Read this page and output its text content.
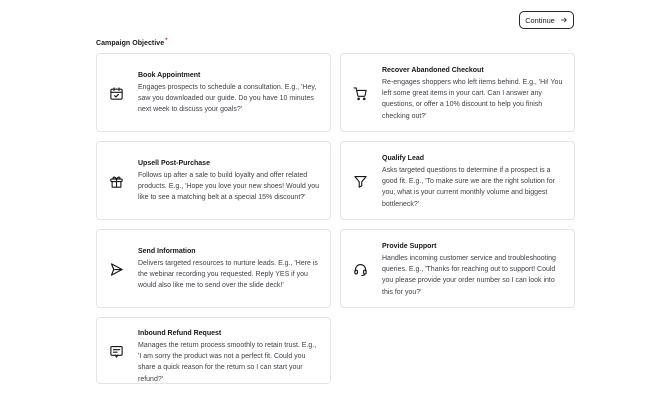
Continue
Campaign Objective*
Book Appointment
Engages prospects to schedule a consultation. E.g., 'Hey, saw you downloaded our guide. Do you have 10 minutes next week to discuss your goals?'
Recover Abandoned Checkout
Re-engages shoppers who left items behind. E.g., 'Hi! You left some great items in your cart. Can I answer any questions, or offer a 10% discount to help you finish checking out?'
Upsell Post-Purchase
Follows up after a sale to build loyalty and offer related products. E.g., 'Hope you love your new shoes! Would you like to see a matching belt at a special 15% discount?'
Qualify Lead
Asks targeted questions to determine if a prospect is a good fit. E.g., 'To make sure we are the right solution for you, what is your current monthly volume and biggest bottleneck?'
Send Information
Delivers targeted resources to nurture leads. E.g., 'Here is the webinar recording you requested. Reply YES if you would also like me to send over the slide deck!'
Provide Support
Handles incoming customer service and troubleshooting queries. E.g., 'Thanks for reaching out to support! Could you please provide your order number so I can look into this for you?'
Inbound Refund Request
Manages the return process smoothly to retain trust. E.g., 'I am sorry the product was not a perfect fit. Could you share a quick reason for the return so I can start your refund?'
